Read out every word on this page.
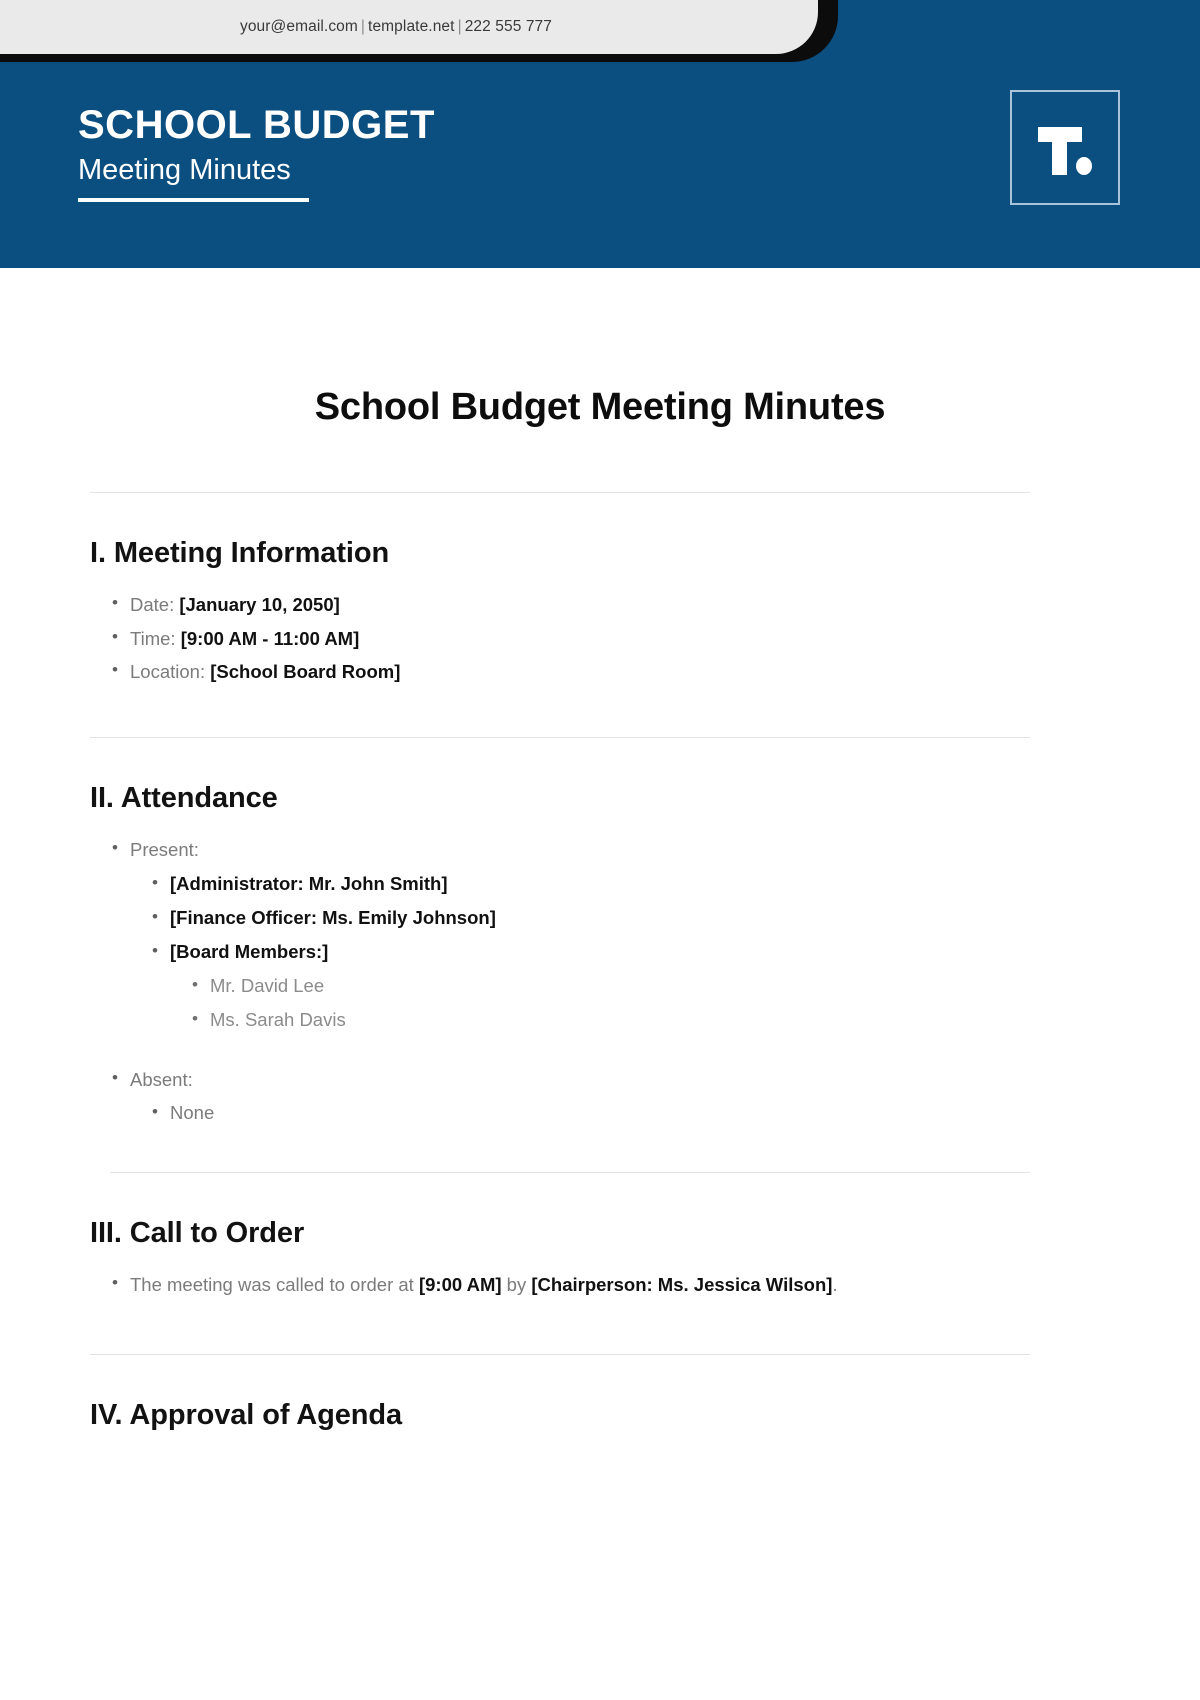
your@email.com | template.net | 222 555 777
SCHOOL BUDGET
Meeting Minutes
School Budget Meeting Minutes
I. Meeting Information
• Date: [January 10, 2050]
• Time: [9:00 AM - 11:00 AM]
• Location: [School Board Room]
II. Attendance
• Present:
• [Administrator: Mr. John Smith]
• [Finance Officer: Ms. Emily Johnson]
• [Board Members:]
• Mr. David Lee
• Ms. Sarah Davis
• Absent:
• None
III. Call to Order
• The meeting was called to order at [9:00 AM] by [Chairperson: Ms. Jessica Wilson].
IV. Approval of Agenda
